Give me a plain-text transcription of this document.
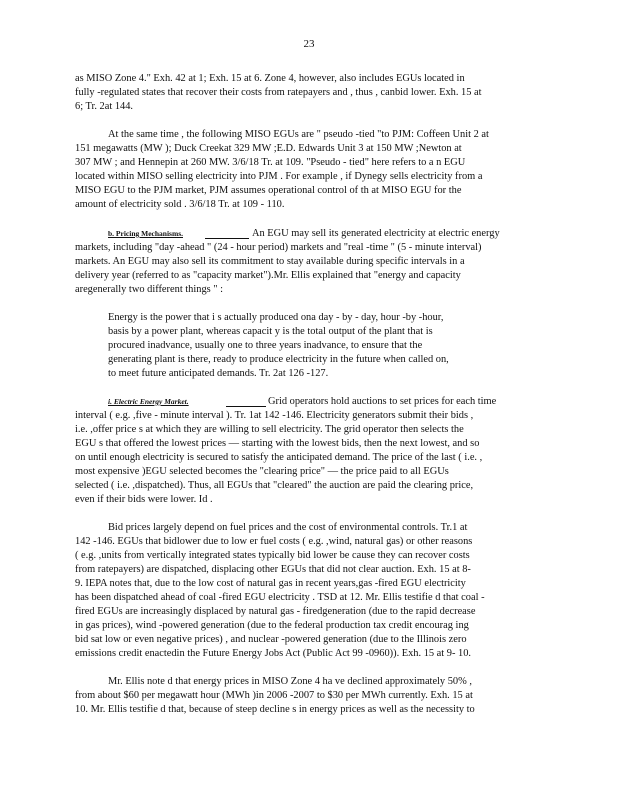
23
as MISO Zone 4." Exh. 42 at 1; Exh. 15 at 6. Zone 4, however, also includes EGUs located in
fully -regulated states that recover their costs from ratepayers and , thus , canbid lower. Exh. 15 at
6; Tr. 2at 144.
At the same time , the following MISO EGUs are " pseudo -tied "to PJM: Coffeen Unit 2 at
151 megawatts (MW ); Duck Creekat 329 MW ;E.D. Edwards Unit 3 at 150 MW ;Newton at
307 MW ; and Hennepin at 260 MW. 3/6/18 Tr. at 109. "Pseudo - tied" here refers to a n EGU
located within MISO selling electricity into PJM . For example , if Dynegy sells electricity from a
MISO EGU to the PJM market, PJM assumes operational control of th at MISO EGU for the
amount of electricity sold . 3/6/18 Tr. at 109 - 110.
b. Pricing Mechanisms.	An EGU may sell its generated electricity at electric energy
markets, including "day -ahead " (24 - hour period) markets and "real -time " (5 - minute interval)
markets. An EGU may also sell its commitment to stay available during specific intervals in a
delivery year (referred to as "capacity market").Mr. Ellis explained that "energy and capacity
aregenerally two different things " :
Energy is the power that i s actually produced ona day - by - day, hour -by -hour,
basis by a power plant, whereas capacit y is the total output of the plant that is
procured inadvance, usually one to three years inadvance, to ensure that the
generating plant is there, ready to produce electricity in the future when called on,
to meet future anticipated demands. Tr. 2at 126 -127.
i. Electric Energy Market.	Grid operators hold auctions to set prices for each time
interval ( e.g. ,five - minute interval ). Tr. 1at 142 -146. Electricity generators submit their bids ,
i.e. ,offer price s at which they are willing to sell electricity. The grid operator then selects the
EGU s that offered the lowest prices — starting with the lowest bids, then the next lowest, and so
on until enough electricity is secured to satisfy the anticipated demand. The price of the last ( i.e. ,
most expensive )EGU selected becomes the "clearing price" — the price paid to all EGUs
selected ( i.e. ,dispatched). Thus, all EGUs that "cleared" the auction are paid the clearing price,
even if their bids were lower. Id .
Bid prices largely depend on fuel prices and the cost of environmental controls. Tr.1 at
142 -146. EGUs that bidlower due to low er fuel costs ( e.g. ,wind, natural gas) or other reasons
( e.g. ,units from vertically integrated states typically bid lower be cause they can recover costs
from ratepayers) are dispatched, displacing other EGUs that did not clear auction. Exh. 15 at 8-
9. IEPA notes that, due to the low cost of natural gas in recent years,gas -fired EGU electricity
has been dispatched ahead of coal -fired EGU electricity . TSD at 12. Mr. Ellis testifie d that coal -
fired EGUs are increasingly displaced by natural gas - firedgeneration (due to the rapid decrease
in gas prices), wind -powered generation (due to the federal production tax credit encourag ing
bid sat low or even negative prices) , and nuclear -powered generation (due to the Illinois zero
emissions credit enactedin the Future Energy Jobs Act (Public Act 99 -0960)). Exh. 15 at 9- 10.
Mr. Ellis note d that energy prices in MISO Zone 4 ha ve declined approximately 50% ,
from about $60 per megawatt hour (MWh )in 2006 -2007 to $30 per MWh currently. Exh. 15 at
10. Mr. Ellis testifie d that, because of steep decline s in energy prices as well as the necessity to
